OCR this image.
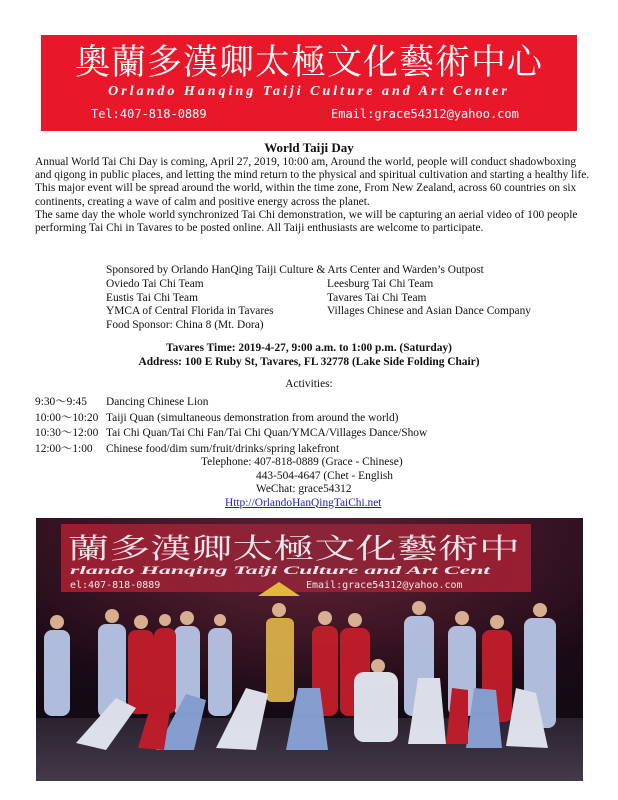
奧蘭多漢卿太極文化藝術中心
Orlando Hanqing Taiji Culture and Art Center
Tel:407-818-0889	Email:grace54312@yahoo.com
World Taiji Day

Annual World Tai Chi Day is coming, April 27, 2019, 10:00 am, Around the world, people will conduct shadowboxing and qigong in public places, and letting the mind return to the physical and spiritual cultivation and starting a healthy life.

This major event will be spread around the world, within the time zone, From New Zealand, across 60 countries on six continents, creating a wave of calm and positive energy across the planet.

The same day the whole world synchronized Tai Chi demonstration, we will be capturing an aerial video of 100 people performing Tai Chi in Tavares to be posted online. All Taiji enthusiasts are welcome to participate.

Sponsored by Orlando HanQing Taiji Culture & Arts Center and Warden’s Outpost
Oviedo Tai Chi Team	Leesburg Tai Chi Team
Eustis Tai Chi Team	Tavares Tai Chi Team
YMCA of Central Florida in Tavares	Villages Chinese and Asian Dance Company
Food Sponsor: China 8 (Mt. Dora)
Tavares Time: 2019-4-27, 9:00 a.m. to 1:00 p.m. (Saturday)
Address: 100 E Ruby St, Tavares, FL 32778 (Lake Side Folding Chair)
Activities:
9:30～9:45	Dancing Chinese Lion
10:00～10:20 Taiji Quan (simultaneous demonstration from around the world)
10:30～12:00 Tai Chi Quan/Tai Chi Fan/Tai Chi Quan/YMCA/Villages Dance/Show
12:00～1:00	Chinese food/dim sum/fruit/drinks/spring lakefront
Telephone: 407-818-0889 (Grace - Chinese)
443-504-4647 (Chet - English
WeChat: grace54312
Http://OrlandoHanQingTaiChi.net
蘭多漢卿太極文化藝術中
rlando Hanqing Taiji Culture and Art Cent
el:407-818-0889	Email:grace54312@yahoo.com
